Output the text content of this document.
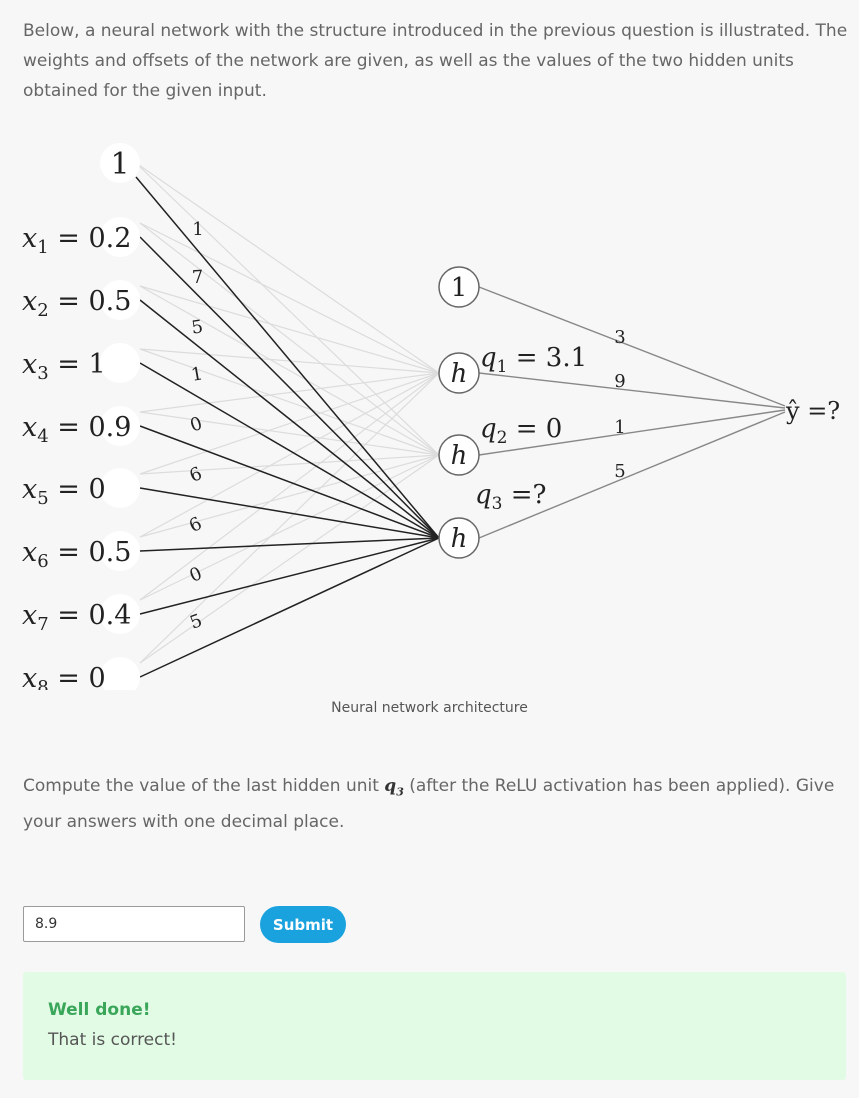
Below, a neural network with the structure introduced in the previous question is illustrated. The weights and offsets of the network are given, as well as the values of the two hidden units obtained for the given input.
1
7
5
1
0
6
6
0
5
1
$x_1 = 0.2$
$x_2 = 0.5$
$x_3 = 1$
$x_4 = 0.9$
$x_5 = 0$
$x_6 = 0.5$
$x_7 = 0.4$
$x_8 = 0$
1
h
h
h
$q_1 = 3.1$
$q_2 = 0$
$q_3$ =?
3
9
1
5
ŷ =?
Neural network architecture
Compute the value of the last hidden unit $q_3$ (after the ReLU activation has been applied). Give your answers with one decimal place.
8.9
Submit
Well done!
That is correct!
